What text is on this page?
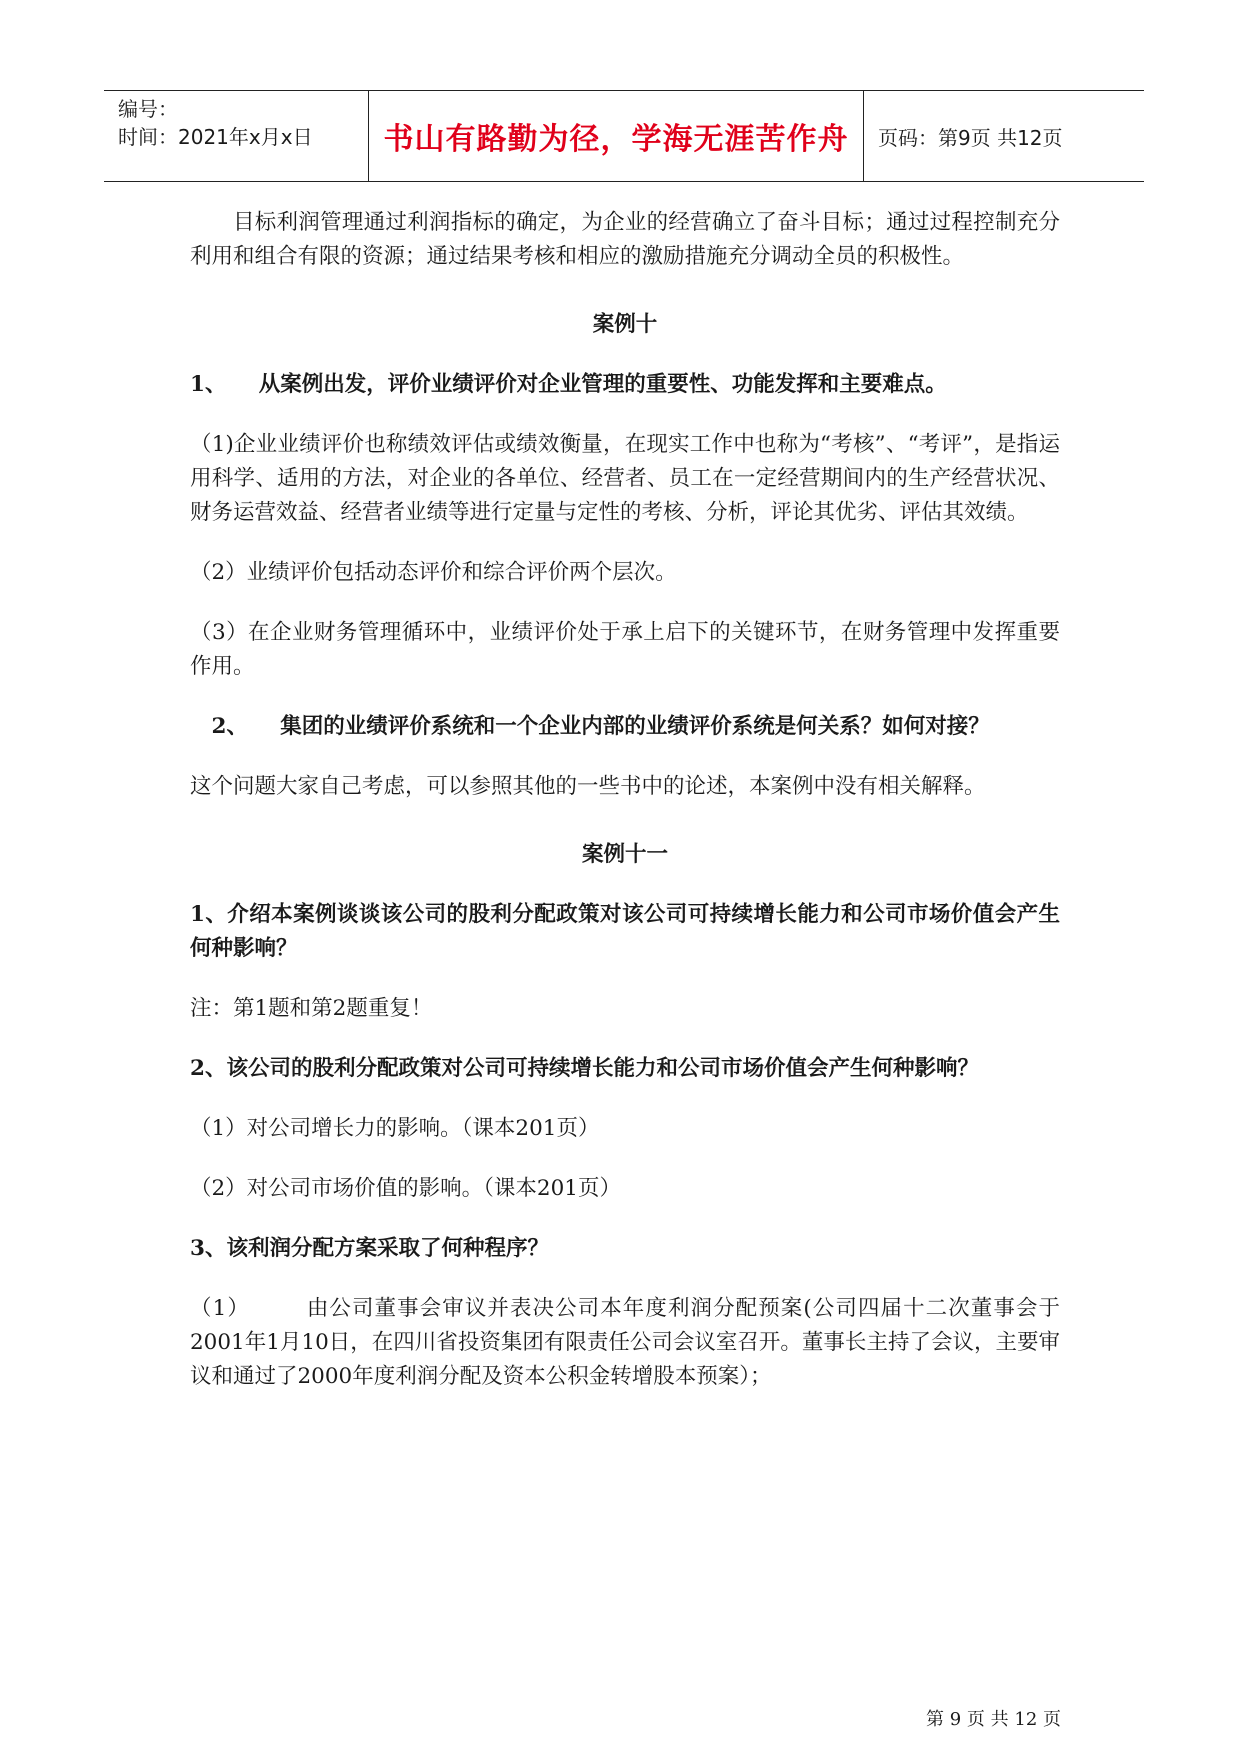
编号：
时间：2021年x月x日	书山有路勤为径，学海无涯苦作舟	页码：第9页 共12页

目标利润管理通过利润指标的确定，为企业的经营确立了奋斗目标；通过过程控制充分利用和组合有限的资源；通过结果考核和相应的激励措施充分调动全员的积极性。

案例十

1、　　从案例出发，评价业绩评价对企业管理的重要性、功能发挥和主要难点。

（1)企业业绩评价也称绩效评估或绩效衡量，在现实工作中也称为“考核”、“考评”，是指运用科学、适用的方法，对企业的各单位、经营者、员工在一定经营期间内的生产经营状况、财务运营效益、经营者业绩等进行定量与定性的考核、分析，评论其优劣、评估其效绩。

（2）业绩评价包括动态评价和综合评价两个层次。

（3）在企业财务管理循环中，业绩评价处于承上启下的关键环节，在财务管理中发挥重要作用。

　2、　　集团的业绩评价系统和一个企业内部的业绩评价系统是何关系？如何对接？

这个问题大家自己考虑，可以参照其他的一些书中的论述，本案例中没有相关解释。

案例十一

1、介绍本案例谈谈该公司的股利分配政策对该公司可持续增长能力和公司市场价值会产生何种影响？

注：第1题和第2题重复！

2、该公司的股利分配政策对公司可持续增长能力和公司市场价值会产生何种影响？

（1）对公司增长力的影响。（课本201页）

（2）对公司市场价值的影响。（课本201页）

3、该利润分配方案采取了何种程序？

（1）　　　由公司董事会审议并表决公司本年度利润分配预案(公司四届十二次董事会于2001年1月10日，在四川省投资集团有限责任公司会议室召开。董事长主持了会议，主要审议和通过了2000年度利润分配及资本公积金转增股本预案）；

第 9 页 共 12 页
